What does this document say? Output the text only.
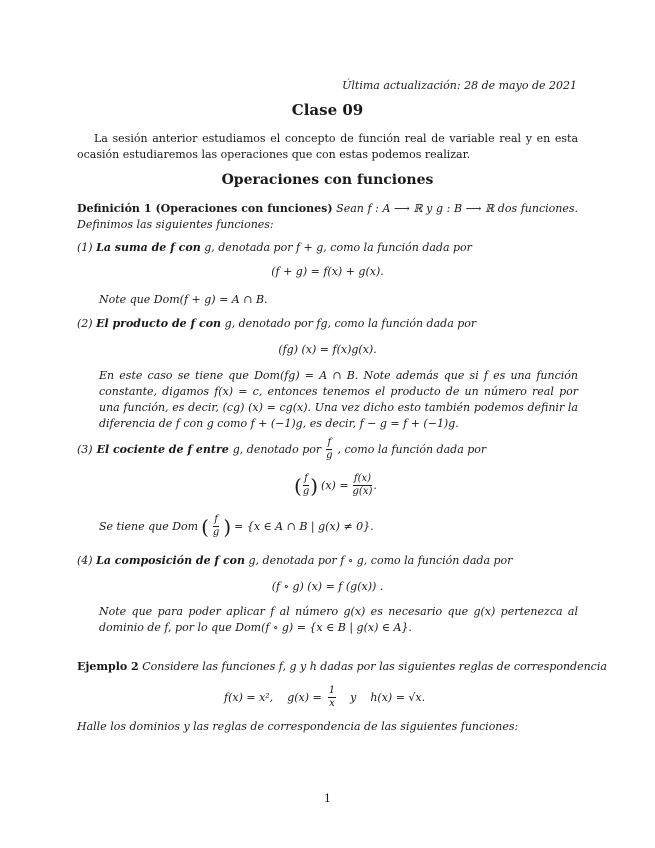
Última actualización: 28 de mayo de 2021
Clase 09

La sesión anterior estudiamos el concepto de función real de variable real y en esta ocasión estudiaremos las operaciones que con estas podemos realizar.

Operaciones con funciones

Definición 1 (Operaciones con funciones) Sean f : A ⟶ ℝ y g : B ⟶ ℝ dos funciones. Definimos las siguientes funciones:

(1) La suma de f con g, denotada por f + g, como la función dada por
(f + g) = f(x) + g(x).
Note que Dom(f + g) = A ∩ B.
(2) El producto de f con g, denotado por fg, como la función dada por
(fg) (x) = f(x)g(x).

En este caso se tiene que Dom(fg) = A ∩ B. Note además que si f es una función constante, digamos f(x) = c, entonces tenemos el producto de un número real por una función, es decir, (cg) (x) = cg(x). Una vez dicho esto también podemos definir la diferencia de f con g como f + (−1)g, es decir, f − g = f + (−1)g.

(3) El cociente de f entre g, denotado por $\frac{f}{g}$ , como la función dada por
( $\frac{f}{g}$ ) $(x) = \frac{f(x)}{g(x)}$ .
Se tiene que Dom ( $\frac{f}{g}$ ) = {x ∈ A ∩ B | g(x) ≠ 0}.
(4) La composición de f con g, denotada por f ∘ g, como la función dada por
(f ∘ g) (x) = f (g(x)) .

Note que para poder aplicar f al número g(x) es necesario que g(x) pertenezca al dominio de f, por lo que Dom(f ∘ g) = {x ∈ B | g(x) ∈ A}.

Ejemplo 2 Considere las funciones f, g y h dadas por las siguientes reglas de correspondencia
f(x) = x², $g(x) = \frac{1}{x}$ y h(x) = √x.
Halle los dominios y las reglas de correspondencia de las siguientes funciones:
1
